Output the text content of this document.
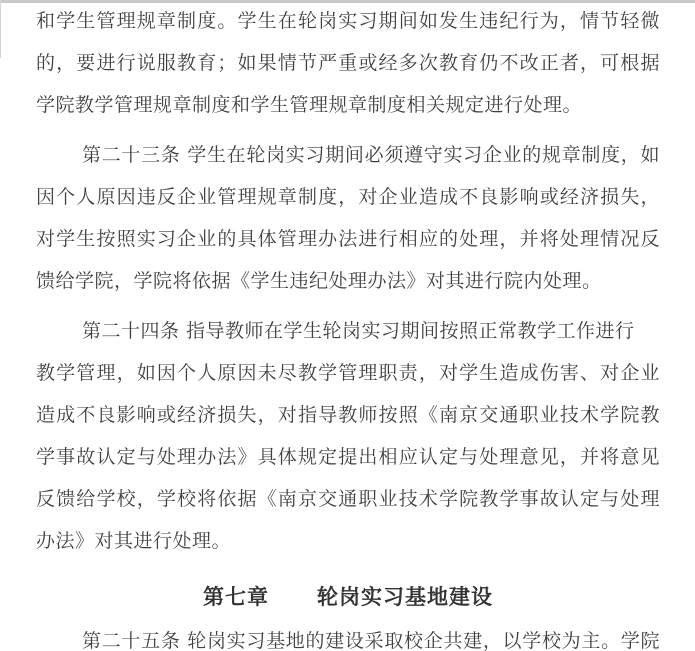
和学生管理规章制度。学生在轮岗实习期间如发生违纪行为，情节轻微
的，要进行说服教育；如果情节严重或经多次教育仍不改正者，可根据
学院教学管理规章制度和学生管理规章制度相关规定进行处理。
第二十三条 学生在轮岗实习期间必须遵守实习企业的规章制度，如
因个人原因违反企业管理规章制度，对企业造成不良影响或经济损失，
对学生按照实习企业的具体管理办法进行相应的处理，并将处理情况反
馈给学院，学院将依据《学生违纪处理办法》对其进行院内处理。
第二十四条 指导教师在学生轮岗实习期间按照正常教学工作进行
教学管理，如因个人原因未尽教学管理职责，对学生造成伤害、对企业
造成不良影响或经济损失，对指导教师按照《南京交通职业技术学院教
学事故认定与处理办法》具体规定提出相应认定与处理意见，并将意见
反馈给学校，学校将依据《南京交通职业技术学院教学事故认定与处理
办法》对其进行处理。
第七章 轮岗实习基地建设
第二十五条 轮岗实习基地的建设采取校企共建，以学校为主。学院
